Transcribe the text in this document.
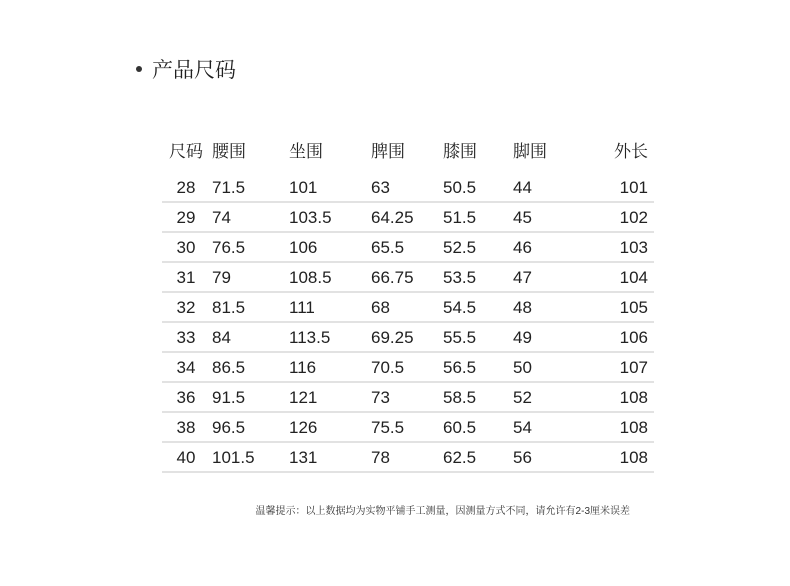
产品尺码
尺码	腰围	坐围	脾围	膝围	脚围	外长

28	71.5	101	63	50.5	44	101
29	74	103.5	64.25	51.5	45	102
30	76.5	106	65.5	52.5	46	103
31	79	108.5	66.75	53.5	47	104
32	81.5	111	68	54.5	48	105
33	84	113.5	69.25	55.5	49	106
34	86.5	116	70.5	56.5	50	107
36	91.5	121	73	58.5	52	108
38	96.5	126	75.5	60.5	54	108
40	101.5	131	78	62.5	56	108
温馨提示：以上数据均为实物平铺手工测量，因测量方式不同，请允许有2-3厘米误差
